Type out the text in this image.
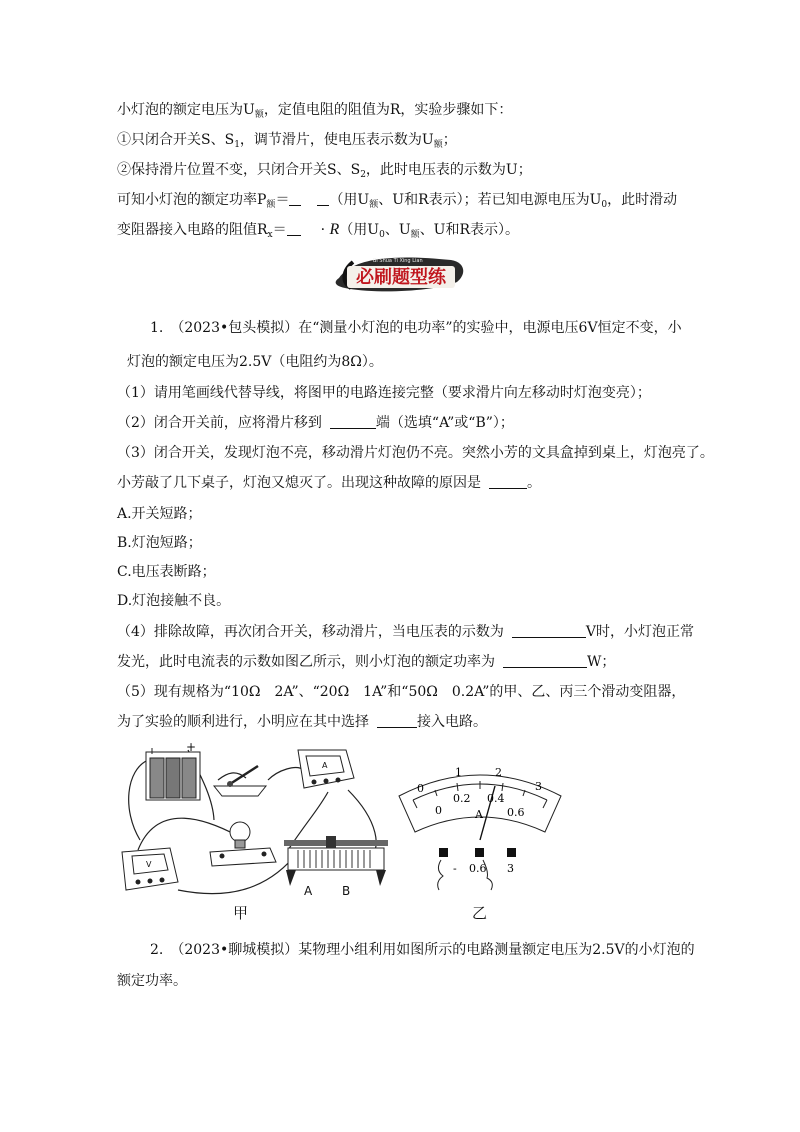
小灯泡的额定电压为$U_额$，定值电阻的阻值为R，实验步骤如下：
①只闭合开关S、$S_1$，调节滑片，使电压表示数为$U_额$；
②保持滑片位置不变，只闭合开关S、$S_2$，此时电压表的示数为U；
可知小灯泡的额定功率$P_额=$	（用$U_额$、U和R表示）；若已知电源电压为$U_0$，此时滑动
变阻器接入电路的阻值$R_x= \cdot R$（用$U_0$、$U_额$、U和R表示）。
Bi Shua Ti Xing Lian
必刷题型练
1.　（2023•包头模拟）在“测量小灯泡的电功率”的实验中，电源电压6V恒定不变，小
灯泡的额定电压为2.5V（电阻约为8Ω）。
（1）请用笔画线代替导线，将图甲的电路连接完整（要求滑片向左移动时灯泡变亮）；
（2）闭合开关前，应将滑片移到	端（选填“A”或“B”）；
（3）闭合开关，发现灯泡不亮，移动滑片灯泡仍不亮。突然小芳的文具盒掉到桌上，灯泡亮了。
小芳敲了几下桌子，灯泡又熄灭了。出现这种故障的原因是	。
A.开关短路；
B.灯泡短路；
C.电压表断路；
D.灯泡接触不良。
（4）排除故障，再次闭合开关，移动滑片，当电压表的示数为	V时，小灯泡正常
发光，此时电流表的示数如图乙所示，则小灯泡的额定功率为	W；
（5）现有规格为“10Ω　2A”、“20Ω　1A”和“50Ω　0.2A”的甲、乙、丙三个滑动变阻器，
为了实验的顺利进行，小明应在其中选择	接入电路。
+
A
V
A B
甲
0
1	2
3
0
0.2 0.4
0.6
A
- 0.6 3
乙
2.　（2023•聊城模拟）某物理小组利用如图所示的电路测量额定电压为2.5V的小灯泡的
额定功率。
